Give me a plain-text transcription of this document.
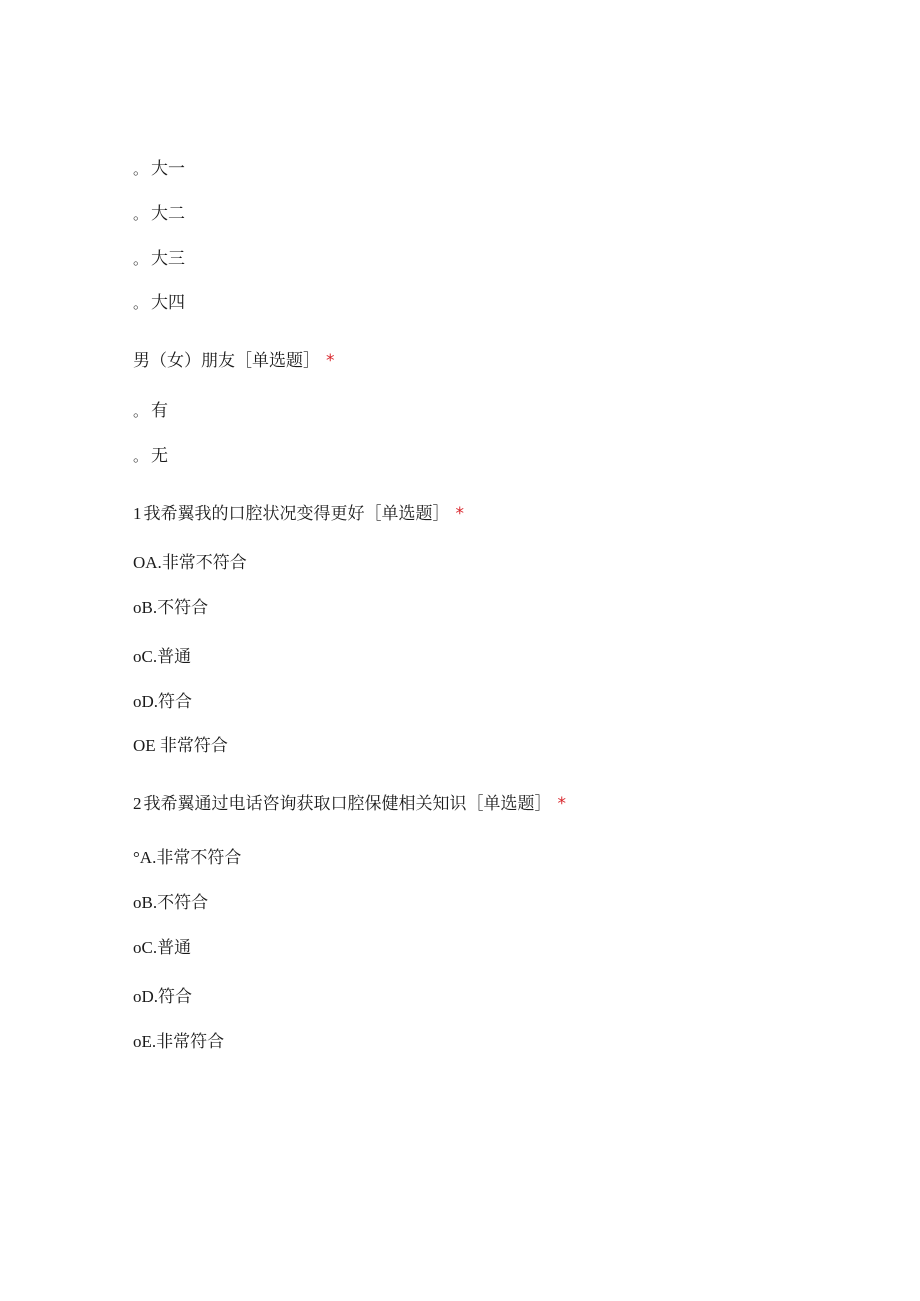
。 大一
。 大二
。 大三
。 大四
男（女）朋友［单选题］ *
。 有
。 无
1 我希翼我的口腔状况变得更好［单选题］ *
OA.非常不符合
oB.不符合
oC.普通
oD.符合
OE 非常符合
2 我希翼通过电话咨询获取口腔保健相关知识［单选题］ *
°A.非常不符合
oB.不符合
oC.普通
oD.符合
oE.非常符合
